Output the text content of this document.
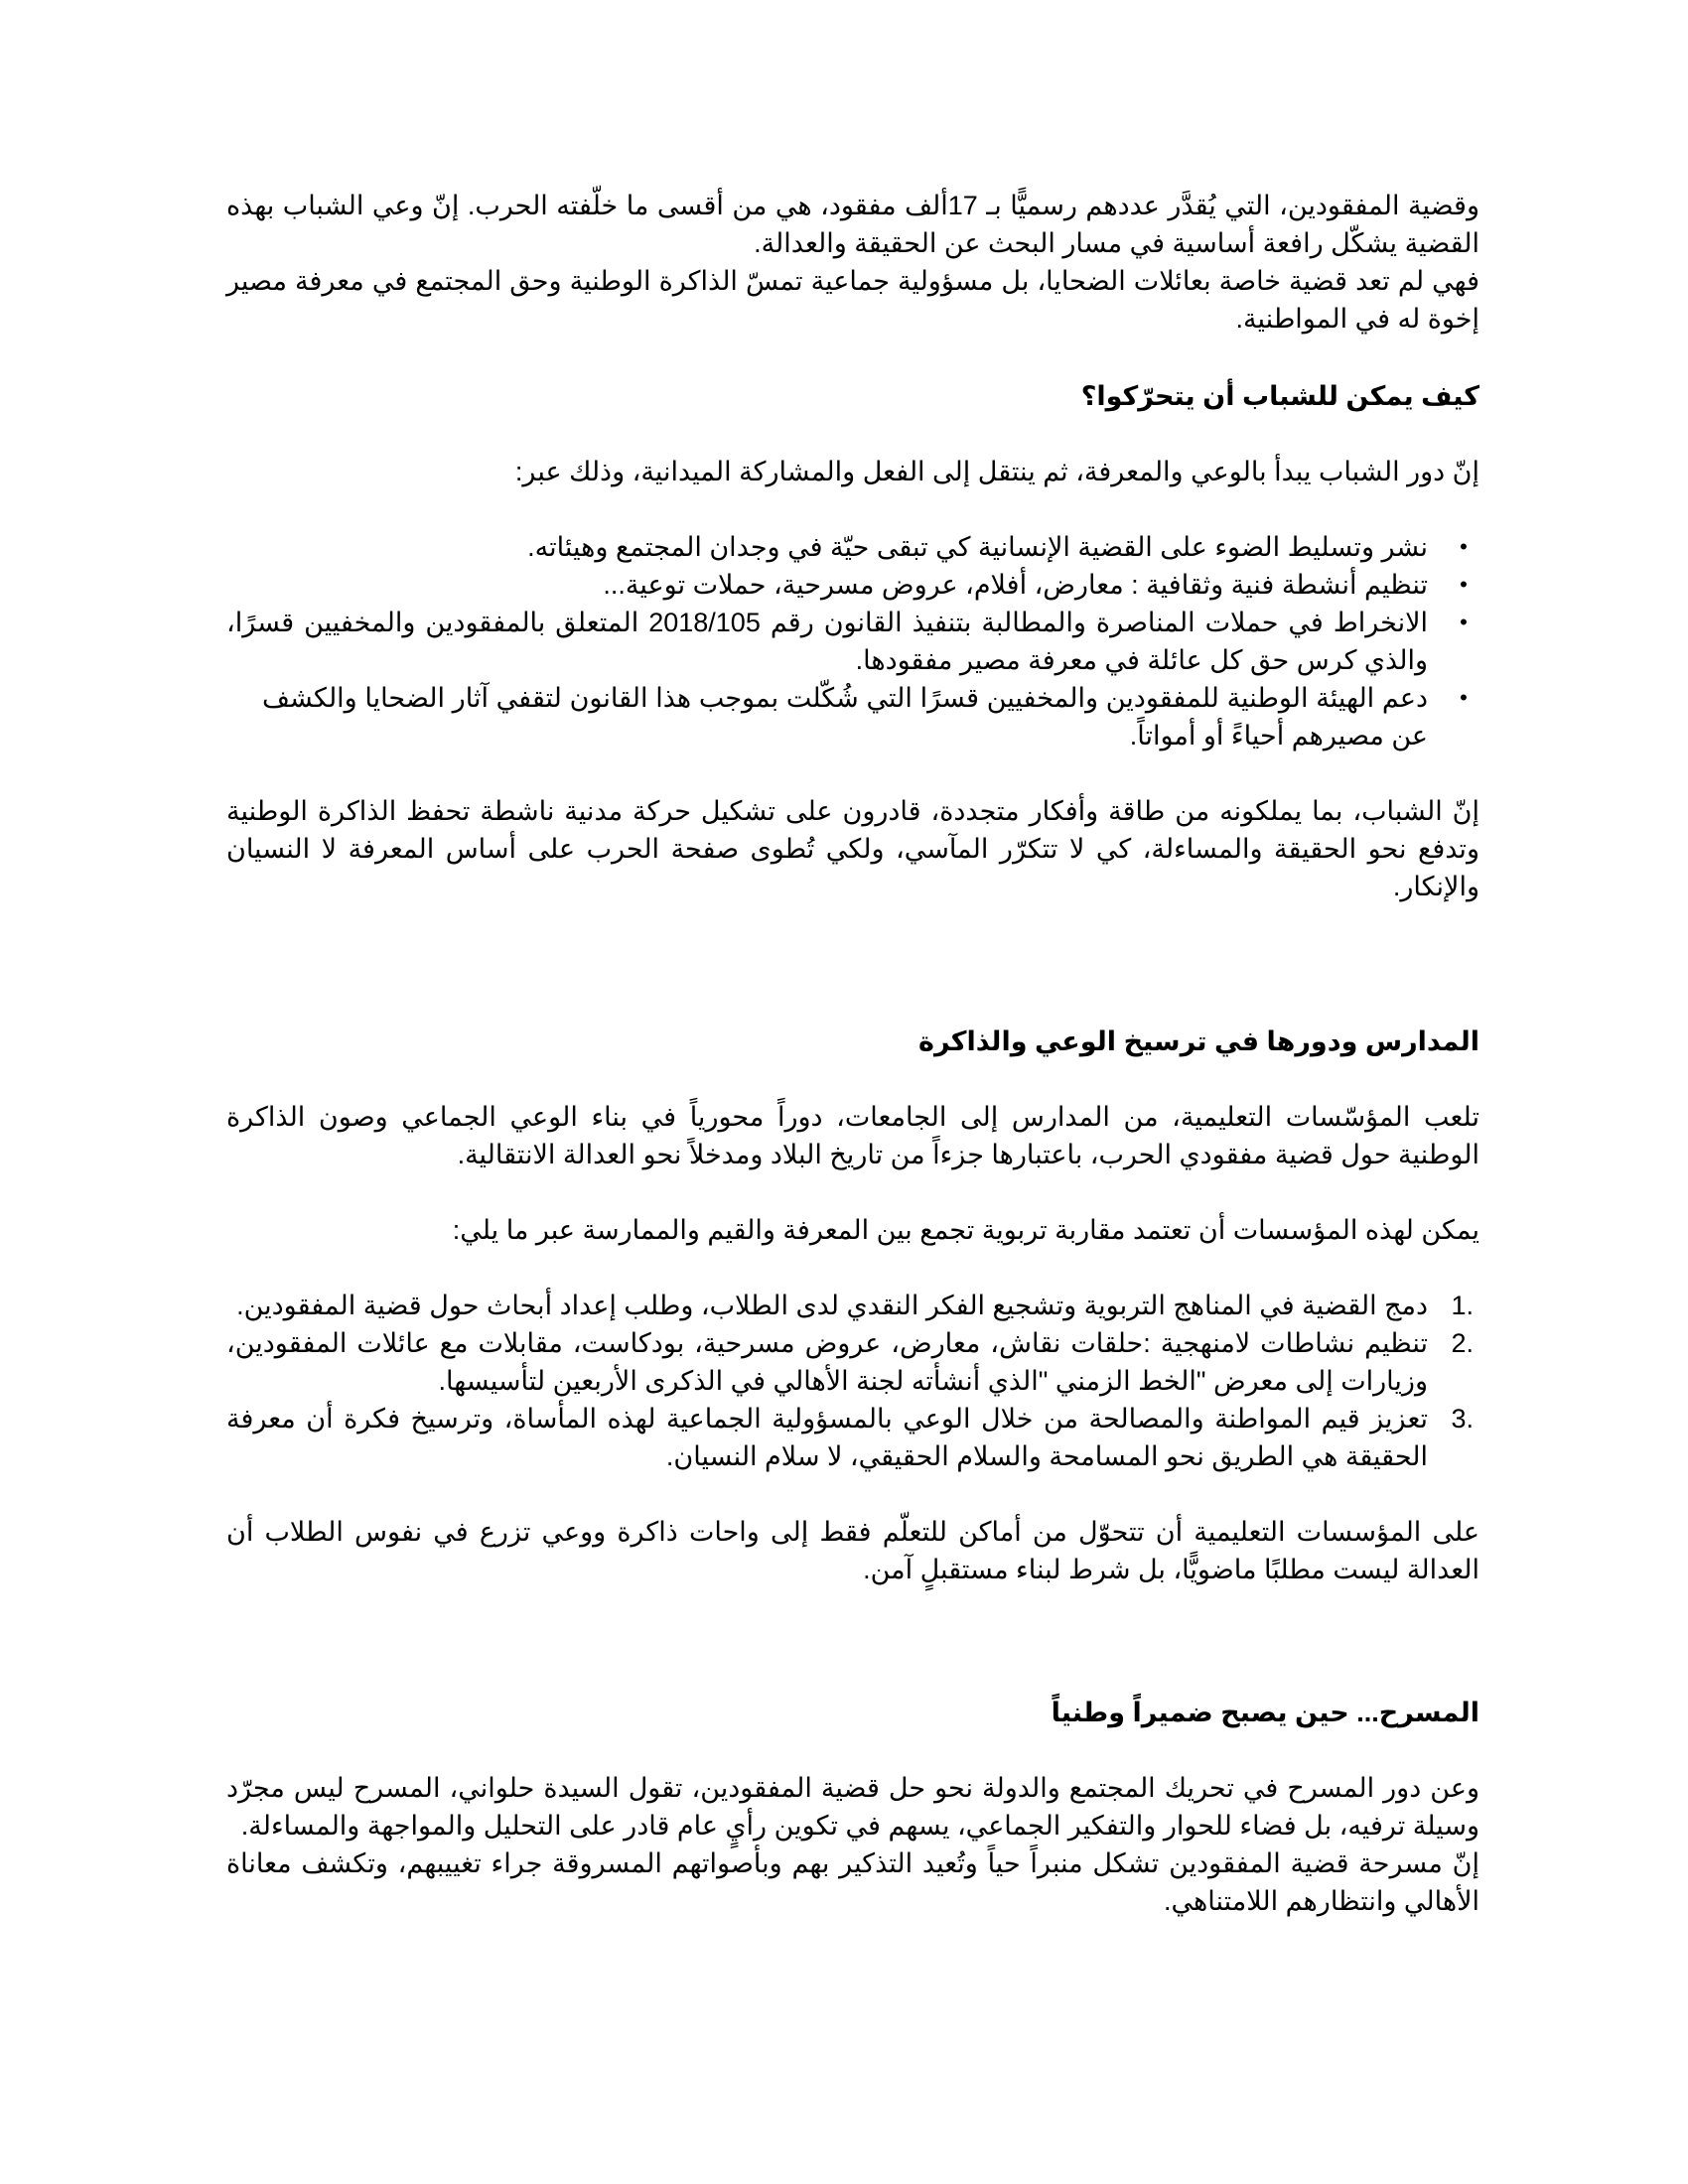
وقضية المفقودين، التي يُقدَّر عددهم رسميًّا بـ 17ألف مفقود، هي من أقسى ما خلّفته الحرب. إنّ وعي الشباب بهذه القضية يشكّل رافعة أساسية في مسار البحث عن الحقيقة والعدالة.

فهي لم تعد قضية خاصة بعائلات الضحايا، بل مسؤولية جماعية تمسّ الذاكرة الوطنية وحق المجتمع في معرفة مصير إخوة له في المواطنية.

كيف يمكن للشباب أن يتحرّكوا؟

إنّ دور الشباب يبدأ بالوعي والمعرفة، ثم ينتقل إلى الفعل والمشاركة الميدانية، وذلك عبر:

•
نشر وتسليط الضوء على القضية الإنسانية كي تبقى حيّة في وجدان المجتمع وهيئاته.
•
تنظيم أنشطة فنية وثقافية : معارض، أفلام، عروض مسرحية، حملات توعية...
•
الانخراط في حملات المناصرة والمطالبة بتنفيذ القانون رقم 2018/105 المتعلق بالمفقودين والمخفيين قسرًا، والذي كرس حق كل عائلة في معرفة مصير مفقودها.
•
دعم الهيئة الوطنية للمفقودين والمخفيين قسرًا التي شُكّلت بموجب هذا القانون لتقفي آثار الضحايا والكشف عن مصيرهم أحياءً أو أمواتاً.

إنّ الشباب، بما يملكونه من طاقة وأفكار متجددة، قادرون على تشكيل حركة مدنية ناشطة تحفظ الذاكرة الوطنية وتدفع نحو الحقيقة والمساءلة، كي لا تتكرّر المآسي، ولكي تُطوى صفحة الحرب على أساس المعرفة لا النسيان والإنكار.

المدارس ودورها في ترسيخ الوعي والذاكرة

تلعب المؤسّسات التعليمية، من المدارس إلى الجامعات، دوراً محورياً في بناء الوعي الجماعي وصون الذاكرة الوطنية حول قضية مفقودي الحرب، باعتبارها جزءاً من تاريخ البلاد ومدخلاً نحو العدالة الانتقالية.

يمكن لهذه المؤسسات أن تعتمد مقاربة تربوية تجمع بين المعرفة والقيم والممارسة عبر ما يلي:

1.
دمج القضية في المناهج التربوية وتشجيع الفكر النقدي لدى الطلاب، وطلب إعداد أبحاث حول قضية المفقودين.
2.
تنظيم نشاطات لامنهجية :حلقات نقاش، معارض، عروض مسرحية، بودكاست، مقابلات مع عائلات المفقودين، وزيارات إلى معرض "الخط الزمني "الذي أنشأته لجنة الأهالي في الذكرى الأربعين لتأسيسها.
3.
تعزيز قيم المواطنة والمصالحة من خلال الوعي بالمسؤولية الجماعية لهذه المأساة، وترسيخ فكرة أن معرفة الحقيقة هي الطريق نحو المسامحة والسلام الحقيقي، لا سلام النسيان.

على المؤسسات التعليمية أن تتحوّل من أماكن للتعلّم فقط إلى واحات ذاكرة ووعي تزرع في نفوس الطلاب أن العدالة ليست مطلبًا ماضويًّا، بل شرط لبناء مستقبلٍ آمن.

المسرح... حين يصبح ضميراً وطنياً

وعن دور المسرح في تحريك المجتمع والدولة نحو حل قضية المفقودين، تقول السيدة حلواني، المسرح ليس مجرّد وسيلة ترفيه، بل فضاء للحوار والتفكير الجماعي، يسهم في تكوين رأيٍ عام قادر على التحليل والمواجهة والمساءلة.

إنّ مسرحة قضية المفقودين تشكل منبراً حياً وتُعيد التذكير بهم وبأصواتهم المسروقة جراء تغييبهم، وتكشف معاناة الأهالي وانتظارهم اللامتناهي.
